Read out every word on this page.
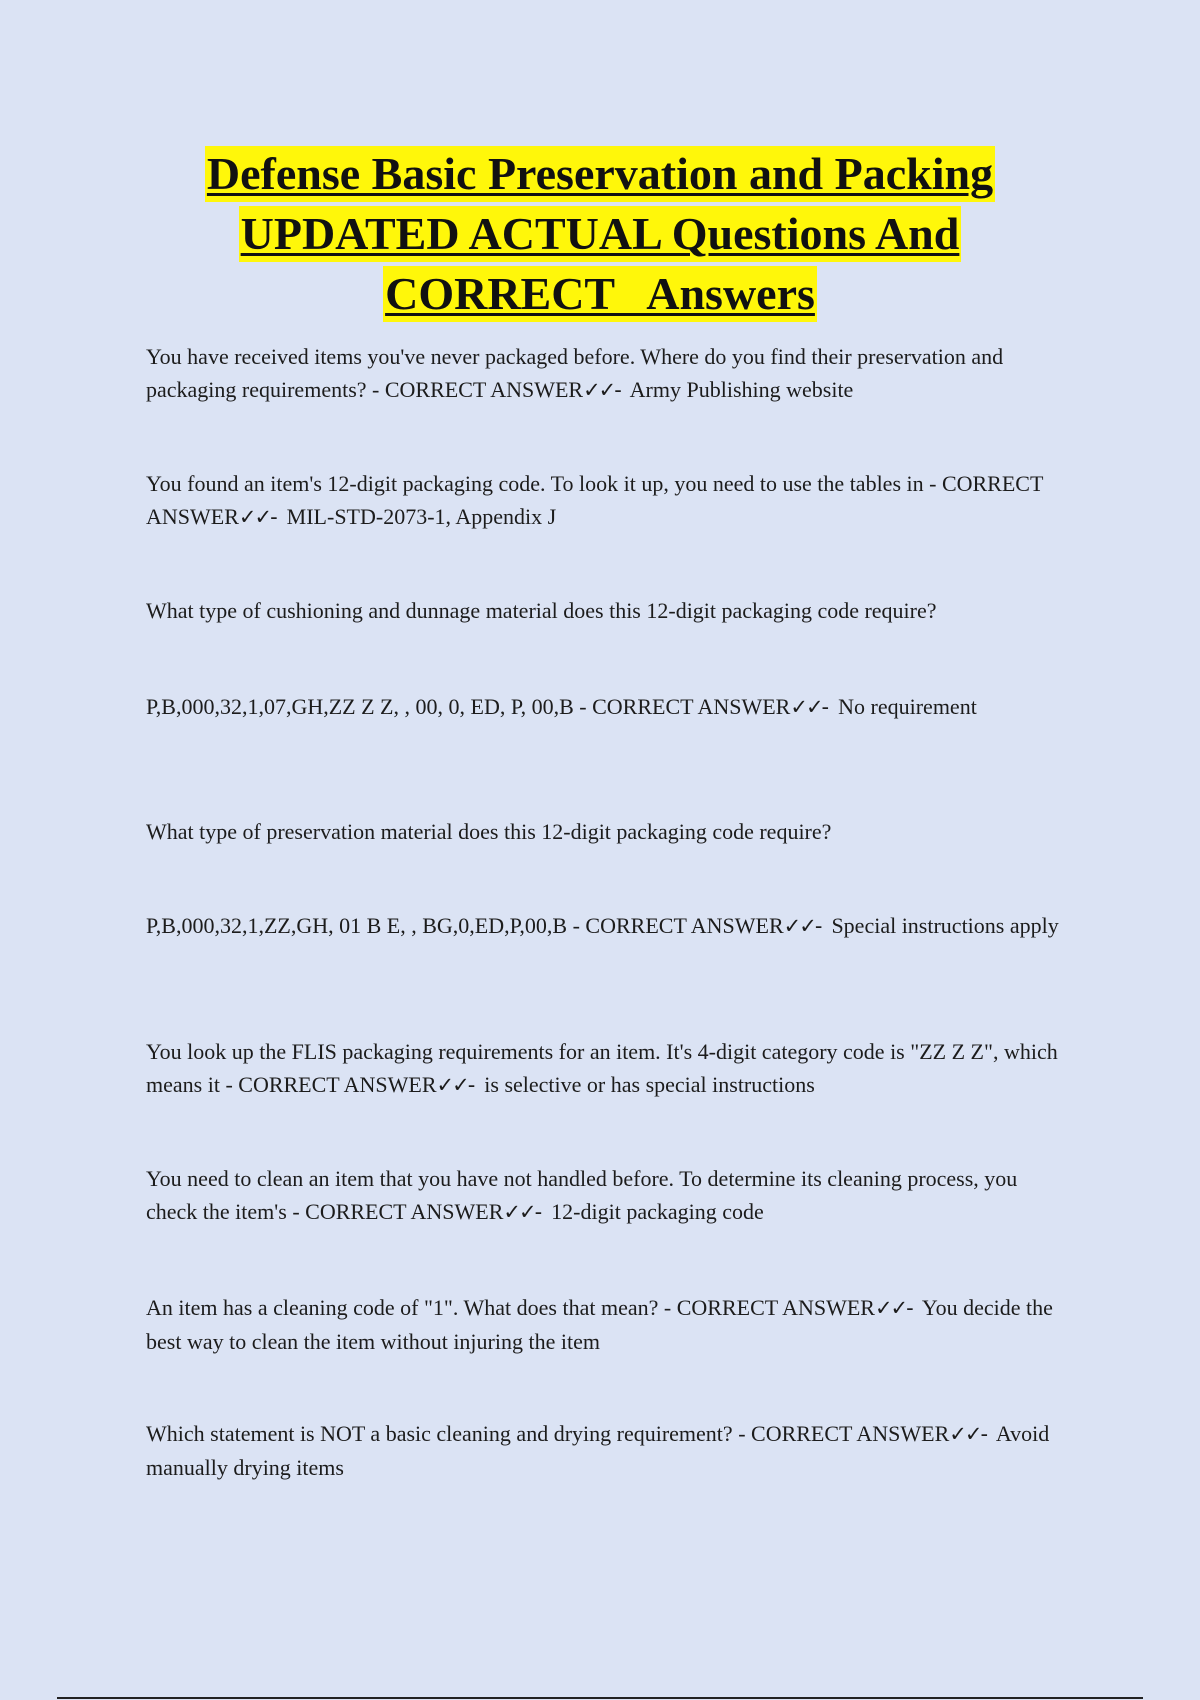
Defense Basic Preservation and Packing
UPDATED ACTUAL Questions And
CORRECT   Answers

You have received items you've never packaged before. Where do you find their preservation and packaging requirements? - CORRECT ANSWER✓✓- Army Publishing website

You found an item's 12-digit packaging code. To look it up, you need to use the tables in - CORRECT ANSWER✓✓- MIL-STD-2073-1, Appendix J

What type of cushioning and dunnage material does this 12-digit packaging code require?

P,B,000,32,1,07,GH,ZZ Z Z, , 00, 0, ED, P, 00,B - CORRECT ANSWER✓✓- No requirement

What type of preservation material does this 12-digit packaging code require?

P,B,000,32,1,ZZ,GH, 01 B E, , BG,0,ED,P,00,B - CORRECT ANSWER✓✓- Special instructions apply

You look up the FLIS packaging requirements for an item. It's 4-digit category code is "ZZ Z Z", which means it - CORRECT ANSWER✓✓- is selective or has special instructions

You need to clean an item that you have not handled before. To determine its cleaning process, you check the item's - CORRECT ANSWER✓✓- 12-digit packaging code

An item has a cleaning code of "1". What does that mean? - CORRECT ANSWER✓✓- You decide the best way to clean the item without injuring the item

Which statement is NOT a basic cleaning and drying requirement? - CORRECT ANSWER✓✓- Avoid manually drying items
